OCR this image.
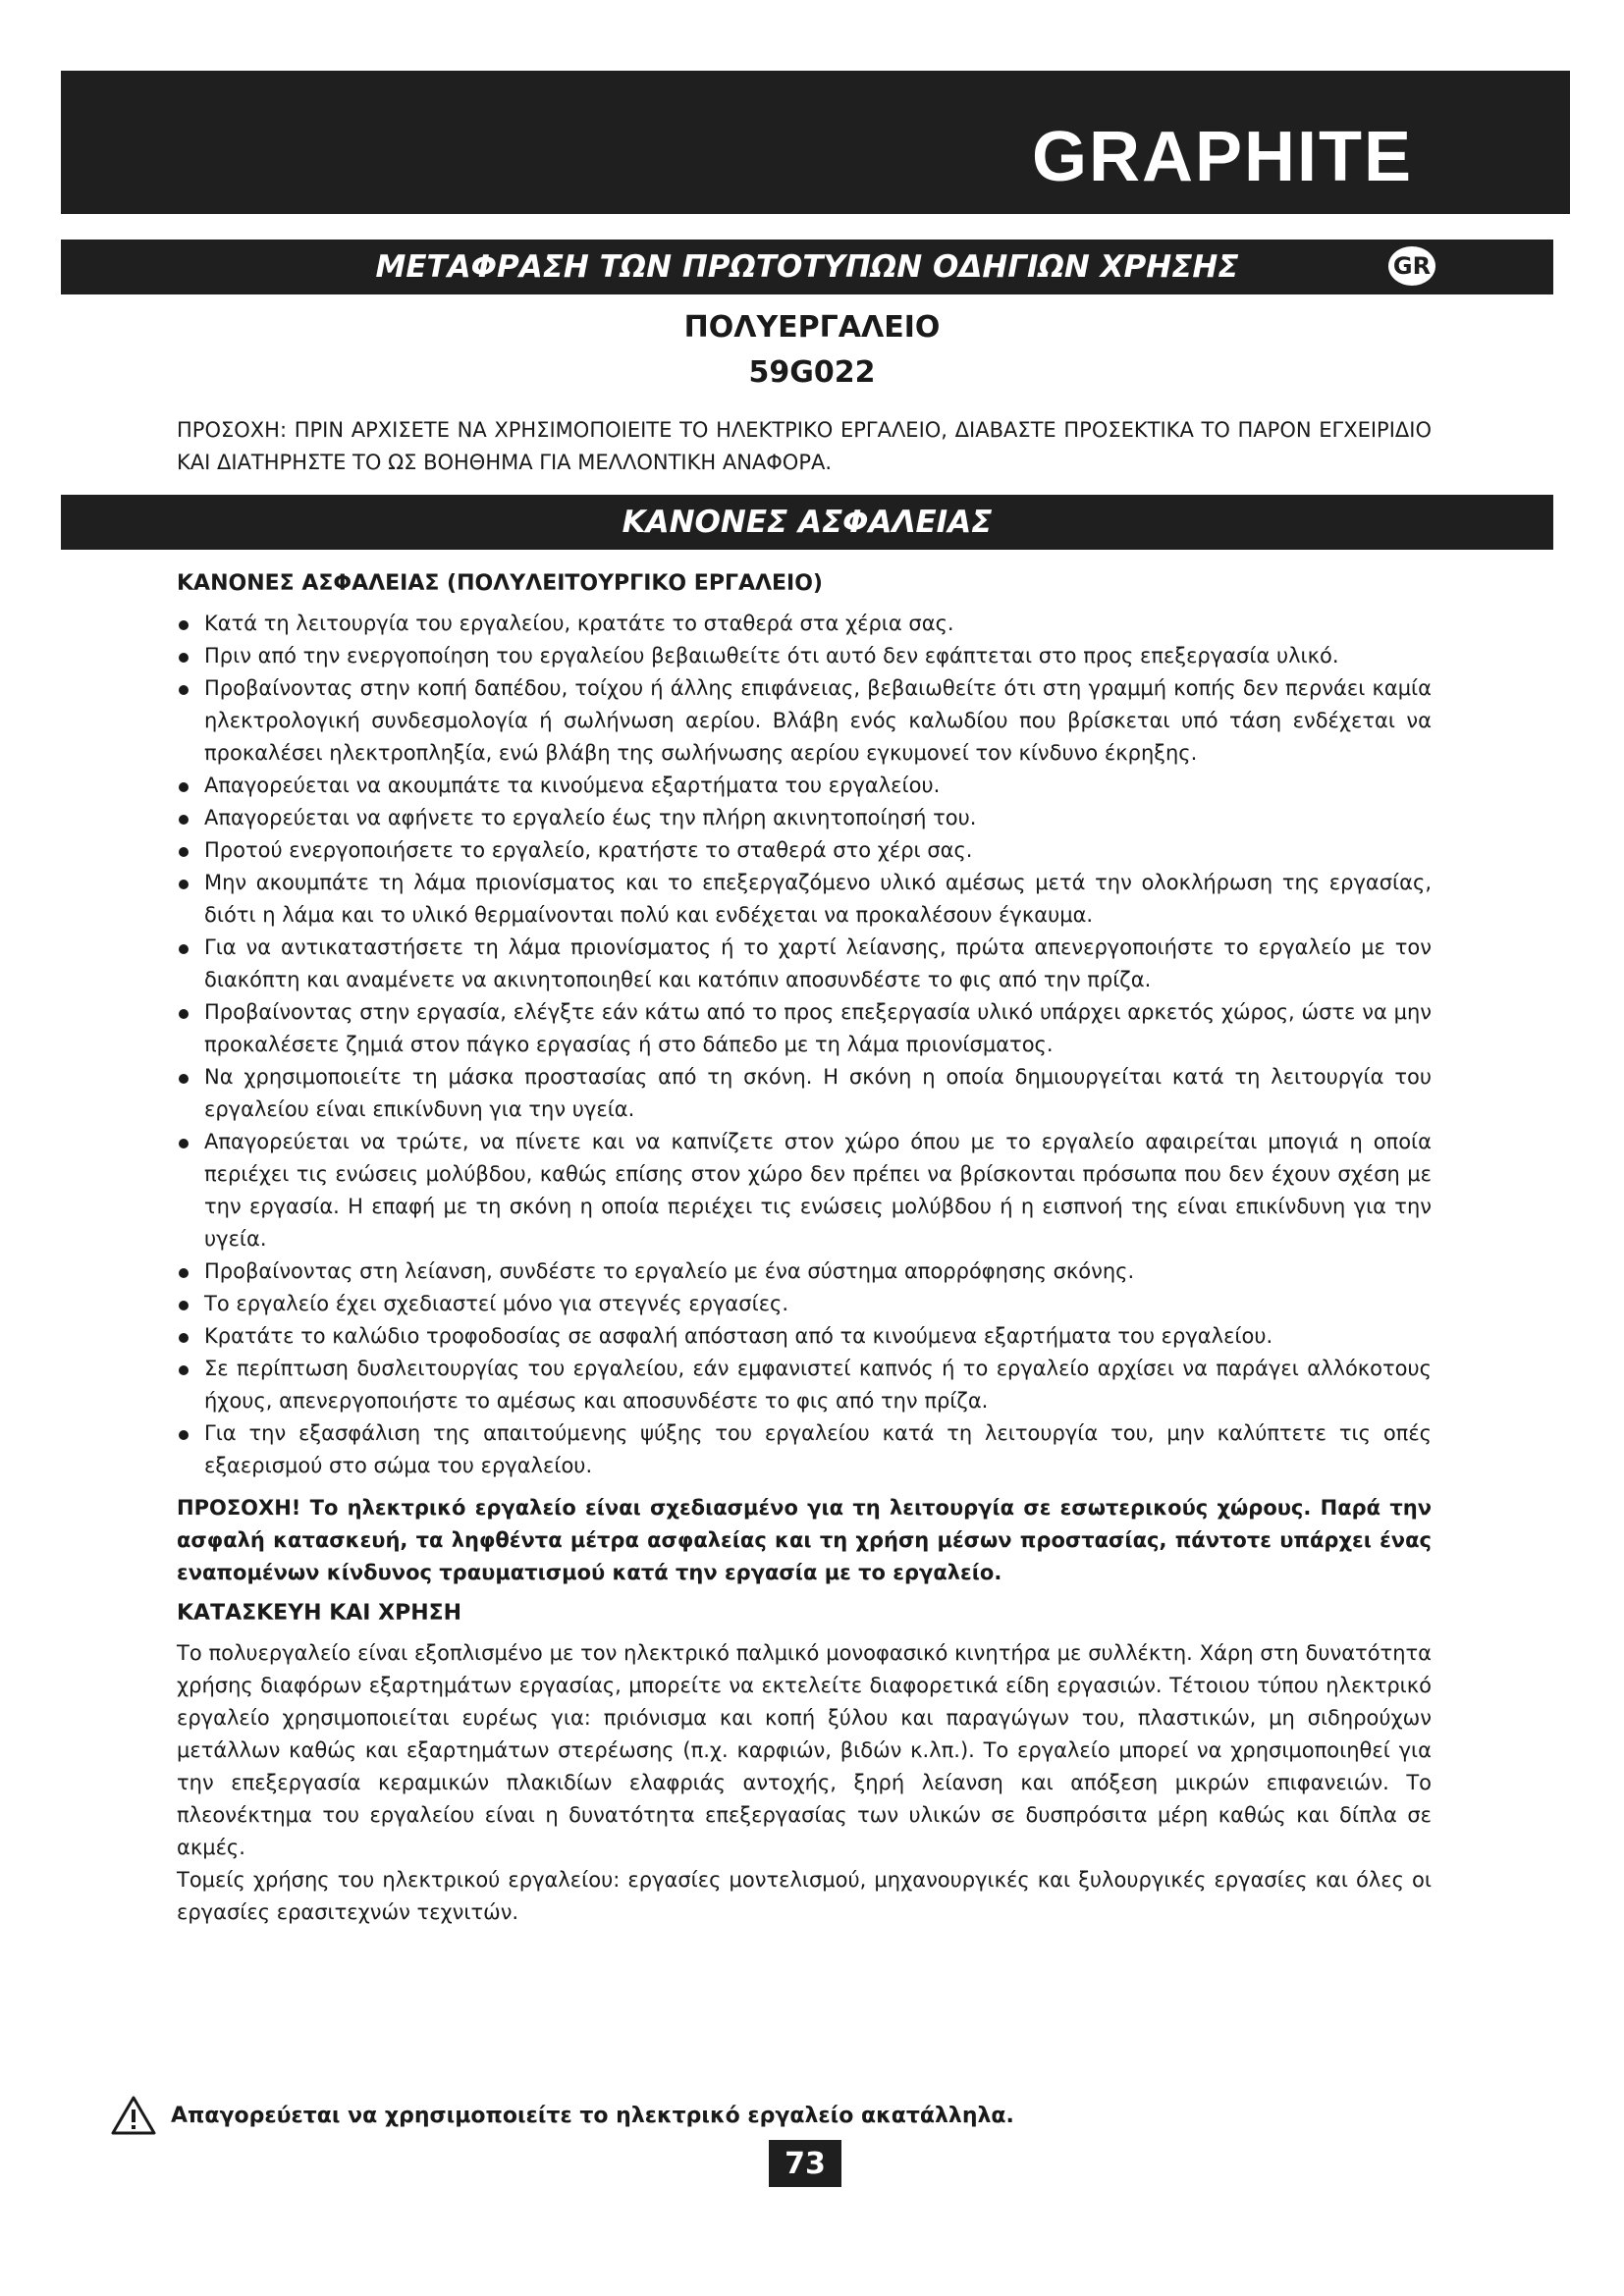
GRAPHITE
ΜΕΤΑΦΡΑΣΗ ΤΩΝ ΠΡΩΤΟΤΥΠΩΝ ΟΔΗΓΙΩΝ ΧΡΗΣΗΣ	GR
ΠΟΛΥΕΡΓΑΛΕΙΟ
59G022
ΠΡΟΣΟΧΗ: ΠΡΙΝ ΑΡΧΙΣΕΤΕ ΝΑ ΧΡΗΣΙΜΟΠΟΙΕΙΤΕ ΤΟ ΗΛΕΚΤΡΙΚΟ ΕΡΓΑΛΕΙΟ, ΔΙΑΒΑΣΤΕ ΠΡΟΣΕΚΤΙΚΑ ΤΟ ΠΑΡΟΝ ΕΓΧΕΙΡΙΔΙΟ ΚΑΙ ΔΙΑΤΗΡΗΣΤΕ ΤΟ ΩΣ ΒΟΗΘΗΜΑ ΓΙΑ ΜΕΛΛΟΝΤΙΚΗ ΑΝΑΦΟΡΑ.
ΚΑΝΟΝΕΣ ΑΣΦΑΛΕΙΑΣ
ΚΑΝΟΝΕΣ ΑΣΦΑΛΕΙΑΣ (ΠΟΛΥΛΕΙΤΟΥΡΓΙΚΟ ΕΡΓΑΛΕΙΟ)
Κατά τη λειτουργία του εργαλείου, κρατάτε το σταθερά στα χέρια σας.
Πριν από την ενεργοποίηση του εργαλείου βεβαιωθείτε ότι αυτό δεν εφάπτεται στο προς επεξεργασία υλικό.
Προβαίνοντας στην κοπή δαπέδου, τοίχου ή άλλης επιφάνειας, βεβαιωθείτε ότι στη γραμμή κοπής δεν περνάει καμία ηλεκτρολογική συνδεσμολογία ή σωλήνωση αερίου. Βλάβη ενός καλωδίου που βρίσκεται υπό τάση ενδέχεται να προκαλέσει ηλεκτροπληξία, ενώ βλάβη της σωλήνωσης αερίου εγκυμονεί τον κίνδυνο έκρηξης.
Απαγορεύεται να ακουμπάτε τα κινούμενα εξαρτήματα του εργαλείου.
Απαγορεύεται να αφήνετε το εργαλείο έως την πλήρη ακινητοποίησή του.
Προτού ενεργοποιήσετε το εργαλείο, κρατήστε το σταθερά στο χέρι σας.
Μην ακουμπάτε τη λάμα πριονίσματος και το επεξεργαζόμενο υλικό αμέσως μετά την ολοκλήρωση της εργασίας, διότι η λάμα και το υλικό θερμαίνονται πολύ και ενδέχεται να προκαλέσουν έγκαυμα.
Για να αντικαταστήσετε τη λάμα πριονίσματος ή το χαρτί λείανσης, πρώτα απενεργοποιήστε το εργαλείο με τον διακόπτη και αναμένετε να ακινητοποιηθεί και κατόπιν αποσυνδέστε το φις από την πρίζα.
Προβαίνοντας στην εργασία, ελέγξτε εάν κάτω από το προς επεξεργασία υλικό υπάρχει αρκετός χώρος, ώστε να μην προκαλέσετε ζημιά στον πάγκο εργασίας ή στο δάπεδο με τη λάμα πριονίσματος.
Να χρησιμοποιείτε τη μάσκα προστασίας από τη σκόνη. Η σκόνη η οποία δημιουργείται κατά τη λειτουργία του εργαλείου είναι επικίνδυνη για την υγεία.
Απαγορεύεται να τρώτε, να πίνετε και να καπνίζετε στον χώρο όπου με το εργαλείο αφαιρείται μπογιά η οποία περιέχει τις ενώσεις μολύβδου, καθώς επίσης στον χώρο δεν πρέπει να βρίσκονται πρόσωπα που δεν έχουν σχέση με την εργασία. Η επαφή με τη σκόνη η οποία περιέχει τις ενώσεις μολύβδου ή η εισπνοή της είναι επικίνδυνη για την υγεία.
Προβαίνοντας στη λείανση, συνδέστε το εργαλείο με ένα σύστημα απορρόφησης σκόνης.
Το εργαλείο έχει σχεδιαστεί μόνο για στεγνές εργασίες.
Κρατάτε το καλώδιο τροφοδοσίας σε ασφαλή απόσταση από τα κινούμενα εξαρτήματα του εργαλείου.
Σε περίπτωση δυσλειτουργίας του εργαλείου, εάν εμφανιστεί καπνός ή το εργαλείο αρχίσει να παράγει αλλόκοτους ήχους, απενεργοποιήστε το αμέσως και αποσυνδέστε το φις από την πρίζα.
Για την εξασφάλιση της απαιτούμενης ψύξης του εργαλείου κατά τη λειτουργία του, μην καλύπτετε τις οπές εξαερισμού στο σώμα του εργαλείου.
ΠΡΟΣΟΧΗ! Το ηλεκτρικό εργαλείο είναι σχεδιασμένο για τη λειτουργία σε εσωτερικούς χώρους. Παρά την ασφαλή κατασκευή, τα ληφθέντα μέτρα ασφαλείας και τη χρήση μέσων προστασίας, πάντοτε υπάρχει ένας εναπομένων κίνδυνος τραυματισμού κατά την εργασία με το εργαλείο.
ΚΑΤΑΣΚΕΥΗ ΚΑΙ ΧΡΗΣΗ

Το πολυεργαλείο είναι εξοπλισμένο με τον ηλεκτρικό παλμικό μονοφασικό κινητήρα με συλλέκτη. Χάρη στη δυνατότητα χρήσης διαφόρων εξαρτημάτων εργασίας, μπορείτε να εκτελείτε διαφορετικά είδη εργασιών. Τέτοιου τύπου ηλεκτρικό εργαλείο χρησιμοποιείται ευρέως για: πριόνισμα και κοπή ξύλου και παραγώγων του, πλαστικών, μη σιδηρούχων μετάλλων καθώς και εξαρτημάτων στερέωσης (π.χ. καρφιών, βιδών κ.λπ.). Το εργαλείο μπορεί να χρησιμοποιηθεί για την επεξεργασία κεραμικών πλακιδίων ελαφριάς αντοχής, ξηρή λείανση και απόξεση μικρών επιφανειών. Το πλεονέκτημα του εργαλείου είναι η δυνατότητα επεξεργασίας των υλικών σε δυσπρόσιτα μέρη καθώς και δίπλα σε ακμές.

Τομείς χρήσης του ηλεκτρικού εργαλείου: εργασίες μοντελισμού, μηχανουργικές και ξυλουργικές εργασίες και όλες οι εργασίες ερασιτεχνών τεχνιτών.

Απαγορεύεται να χρησιμοποιείτε το ηλεκτρικό εργαλείο ακατάλληλα.
73
